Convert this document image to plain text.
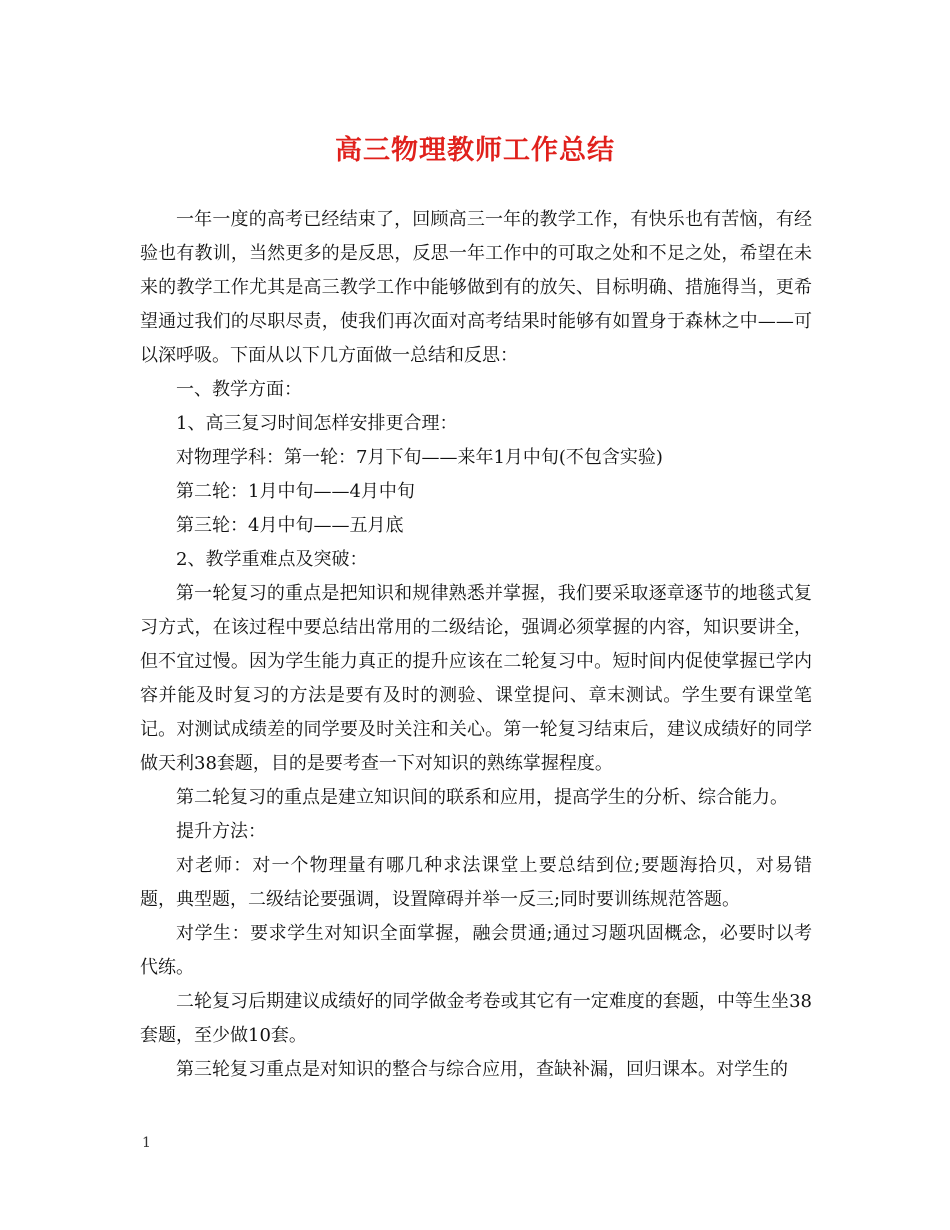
高三物理教师工作总结

一年一度的高考已经结束了，回顾高三一年的教学工作，有快乐也有苦恼，有经验也有教训，当然更多的是反思，反思一年工作中的可取之处和不足之处，希望在未来的教学工作尤其是高三教学工作中能够做到有的放矢、目标明确、措施得当，更希望通过我们的尽职尽责，使我们再次面对高考结果时能够有如置身于森林之中——可以深呼吸。下面从以下几方面做一总结和反思：

一、教学方面：

1、高三复习时间怎样安排更合理：

对物理学科：第一轮：7月下旬——来年1月中旬(不包含实验)

第二轮：1月中旬——4月中旬

第三轮：4月中旬——五月底

2、教学重难点及突破：

第一轮复习的重点是把知识和规律熟悉并掌握，我们要采取逐章逐节的地毯式复习方式，在该过程中要总结出常用的二级结论，强调必须掌握的内容，知识要讲全，但不宜过慢。因为学生能力真正的提升应该在二轮复习中。短时间内促使掌握已学内容并能及时复习的方法是要有及时的测验、课堂提问、章末测试。学生要有课堂笔记。对测试成绩差的同学要及时关注和关心。第一轮复习结束后，建议成绩好的同学做天利38套题，目的是要考查一下对知识的熟练掌握程度。

第二轮复习的重点是建立知识间的联系和应用，提高学生的分析、综合能力。

提升方法：

对老师：对一个物理量有哪几种求法课堂上要总结到位;要题海拾贝，对易错题，典型题，二级结论要强调，设置障碍并举一反三;同时要训练规范答题。

对学生：要求学生对知识全面掌握，融会贯通;通过习题巩固概念，必要时以考代练。

二轮复习后期建议成绩好的同学做金考卷或其它有一定难度的套题，中等生坐38套题，至少做10套。

第三轮复习重点是对知识的整合与综合应用，查缺补漏，回归课本。对学生的

1
